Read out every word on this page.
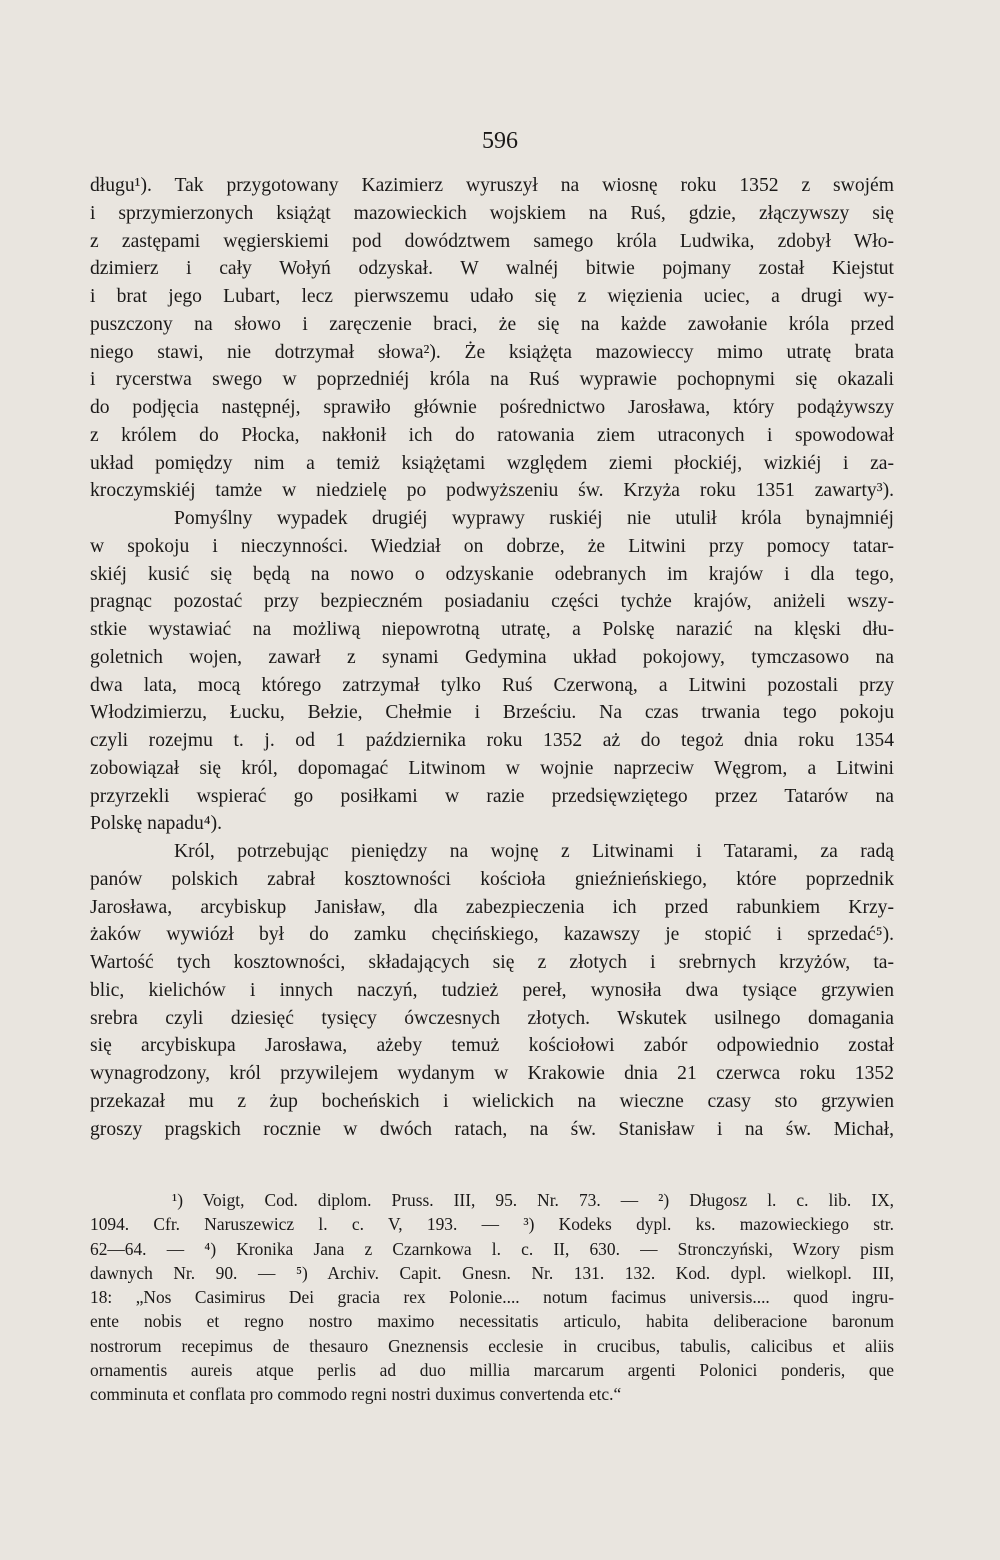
596
długu¹). Tak przygotowany Kazimierz wyruszył na wiosnę roku 1352 z swojém
i sprzymierzonych książąt mazowieckich wojskiem na Ruś, gdzie, złączywszy się
z zastępami węgierskiemi pod dowództwem samego króla Ludwika, zdobył Wło-
dzimierz i cały Wołyń odzyskał. W walnéj bitwie pojmany został Kiejstut
i brat jego Lubart, lecz pierwszemu udało się z więzienia uciec, a drugi wy-
puszczony na słowo i zaręczenie braci, że się na każde zawołanie króla przed
niego stawi, nie dotrzymał słowa²). Że książęta mazowieccy mimo utratę brata
i rycerstwa swego w poprzedniéj króla na Ruś wyprawie pochopnymi się okazali
do podjęcia następnéj, sprawiło głównie pośrednictwo Jarosława, który podążywszy
z królem do Płocka, nakłonił ich do ratowania ziem utraconych i spowodował
układ pomiędzy nim a temiż książętami względem ziemi płockiéj, wizkiéj i za-
kroczymskiéj tamże w niedzielę po podwyższeniu św. Krzyża roku 1351 zawarty³).
Pomyślny wypadek drugiéj wyprawy ruskiéj nie utulił króla bynajmniéj
w spokoju i nieczynności. Wiedział on dobrze, że Litwini przy pomocy tatar-
skiéj kusić się będą na nowo o odzyskanie odebranych im krajów i dla tego,
pragnąc pozostać przy bezpieczném posiadaniu części tychże krajów, aniżeli wszy-
stkie wystawiać na możliwą niepowrotną utratę, a Polskę narazić na klęski dłu-
goletnich wojen, zawarł z synami Gedymina układ pokojowy, tymczasowo na
dwa lata, mocą którego zatrzymał tylko Ruś Czerwoną, a Litwini pozostali przy
Włodzimierzu, Łucku, Bełzie, Chełmie i Brześciu. Na czas trwania tego pokoju
czyli rozejmu t. j. od 1 października roku 1352 aż do tegoż dnia roku 1354
zobowiązał się król, dopomagać Litwinom w wojnie naprzeciw Węgrom, a Litwini
przyrzekli wspierać go posiłkami w razie przedsięwziętego przez Tatarów na
Polskę napadu⁴).
Król, potrzebując pieniędzy na wojnę z Litwinami i Tatarami, za radą
panów polskich zabrał kosztowności kościoła gnieźnieńskiego, które poprzednik
Jarosława, arcybiskup Janisław, dla zabezpieczenia ich przed rabunkiem Krzy-
żaków wywiózł był do zamku chęcińskiego, kazawszy je stopić i sprzedać⁵).
Wartość tych kosztowności, składających się z złotych i srebrnych krzyżów, ta-
blic, kielichów i innych naczyń, tudzież pereł, wynosiła dwa tysiące grzywien
srebra czyli dziesięć tysięcy ówczesnych złotych. Wskutek usilnego domagania
się arcybiskupa Jarosława, ażeby temuż kościołowi zabór odpowiednio został
wynagrodzony, król przywilejem wydanym w Krakowie dnia 21 czerwca roku 1352
przekazał mu z żup bocheńskich i wielickich na wieczne czasy sto grzywien
groszy pragskich rocznie w dwóch ratach, na św. Stanisław i na św. Michał,
¹) Voigt, Cod. diplom. Pruss. III, 95. Nr. 73. — ²) Długosz l. c. lib. IX,
1094. Cfr. Naruszewicz l. c. V, 193. — ³) Kodeks dypl. ks. mazowieckiego str.
62—64. — ⁴) Kronika Jana z Czarnkowa l. c. II, 630. — Stronczyński, Wzory pism
dawnych Nr. 90. — ⁵) Archiv. Capit. Gnesn. Nr. 131. 132. Kod. dypl. wielkopl. III,
18: „Nos Casimirus Dei gracia rex Polonie.... notum facimus universis.... quod ingru-
ente nobis et regno nostro maximo necessitatis articulo, habita deliberacione baronum
nostrorum recepimus de thesauro Gneznensis ecclesie in crucibus, tabulis, calicibus et aliis
ornamentis aureis atque perlis ad duo millia marcarum argenti Polonici ponderis, que
comminuta et conflata pro commodo regni nostri duximus convertenda etc.“
